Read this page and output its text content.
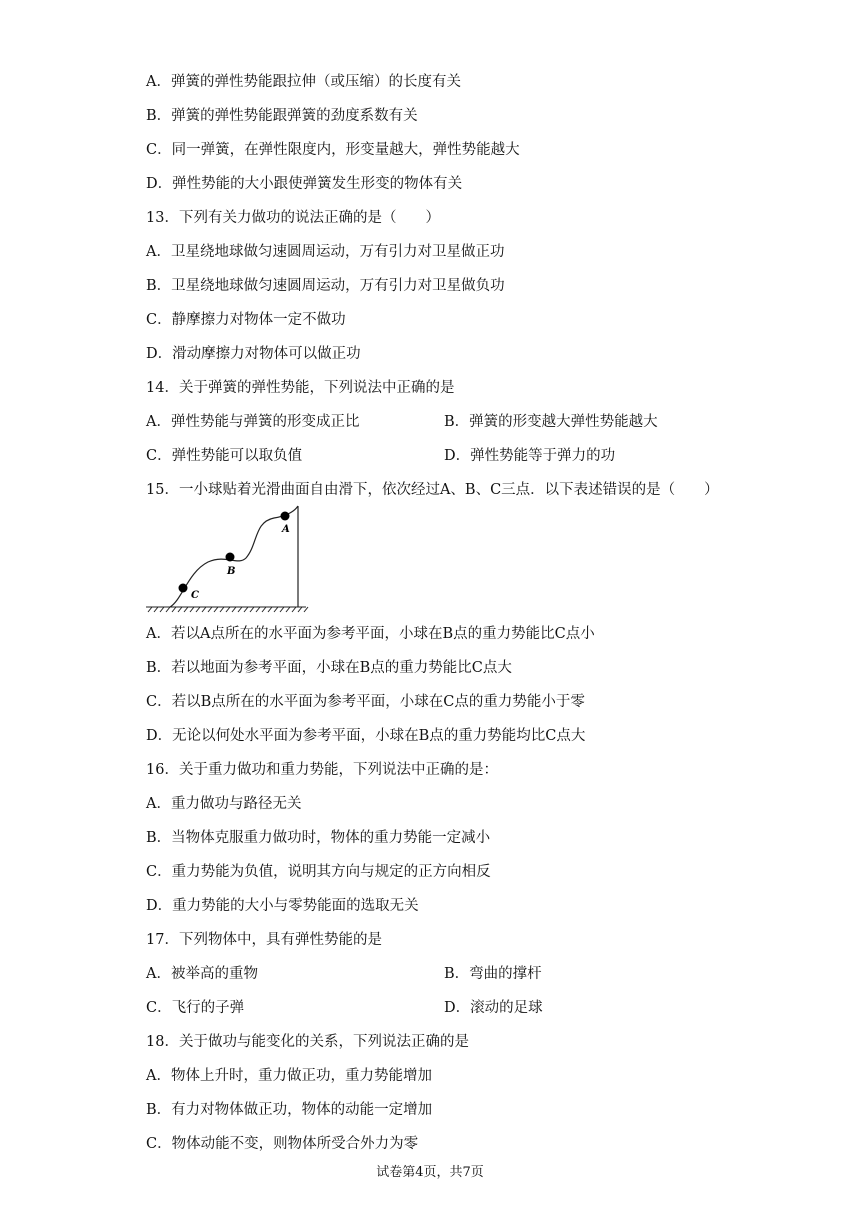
A．弹簧的弹性势能跟拉伸（或压缩）的长度有关
B．弹簧的弹性势能跟弹簧的劲度系数有关
C．同一弹簧，在弹性限度内，形变量越大，弹性势能越大
D．弹性势能的大小跟使弹簧发生形变的物体有关
13．下列有关力做功的说法正确的是（　　）
A．卫星绕地球做匀速圆周运动，万有引力对卫星做正功
B．卫星绕地球做匀速圆周运动，万有引力对卫星做负功
C．静摩擦力对物体一定不做功
D．滑动摩擦力对物体可以做正功
14．关于弹簧的弹性势能，下列说法中正确的是
A．弹性势能与弹簧的形变成正比	B．弹簧的形变越大弹性势能越大
C．弹性势能可以取负值	D．弹性势能等于弹力的功
15．一小球贴着光滑曲面自由滑下，依次经过A、B、C三点．以下表述错误的是（　　）
A
B
C
A．若以A点所在的水平面为参考平面，小球在B点的重力势能比C点小
B．若以地面为参考平面，小球在B点的重力势能比C点大
C．若以B点所在的水平面为参考平面，小球在C点的重力势能小于零
D．无论以何处水平面为参考平面，小球在B点的重力势能均比C点大
16．关于重力做功和重力势能，下列说法中正确的是：
A．重力做功与路径无关
B．当物体克服重力做功时，物体的重力势能一定减小
C．重力势能为负值，说明其方向与规定的正方向相反
D．重力势能的大小与零势能面的选取无关
17．下列物体中，具有弹性势能的是
A．被举高的重物	B．弯曲的撑杆
C．飞行的子弹	D．滚动的足球
18．关于做功与能变化的关系，下列说法正确的是
A．物体上升时，重力做正功，重力势能增加
B．有力对物体做正功，物体的动能一定增加
C．物体动能不变，则物体所受合外力为零
试卷第4页，共7页
